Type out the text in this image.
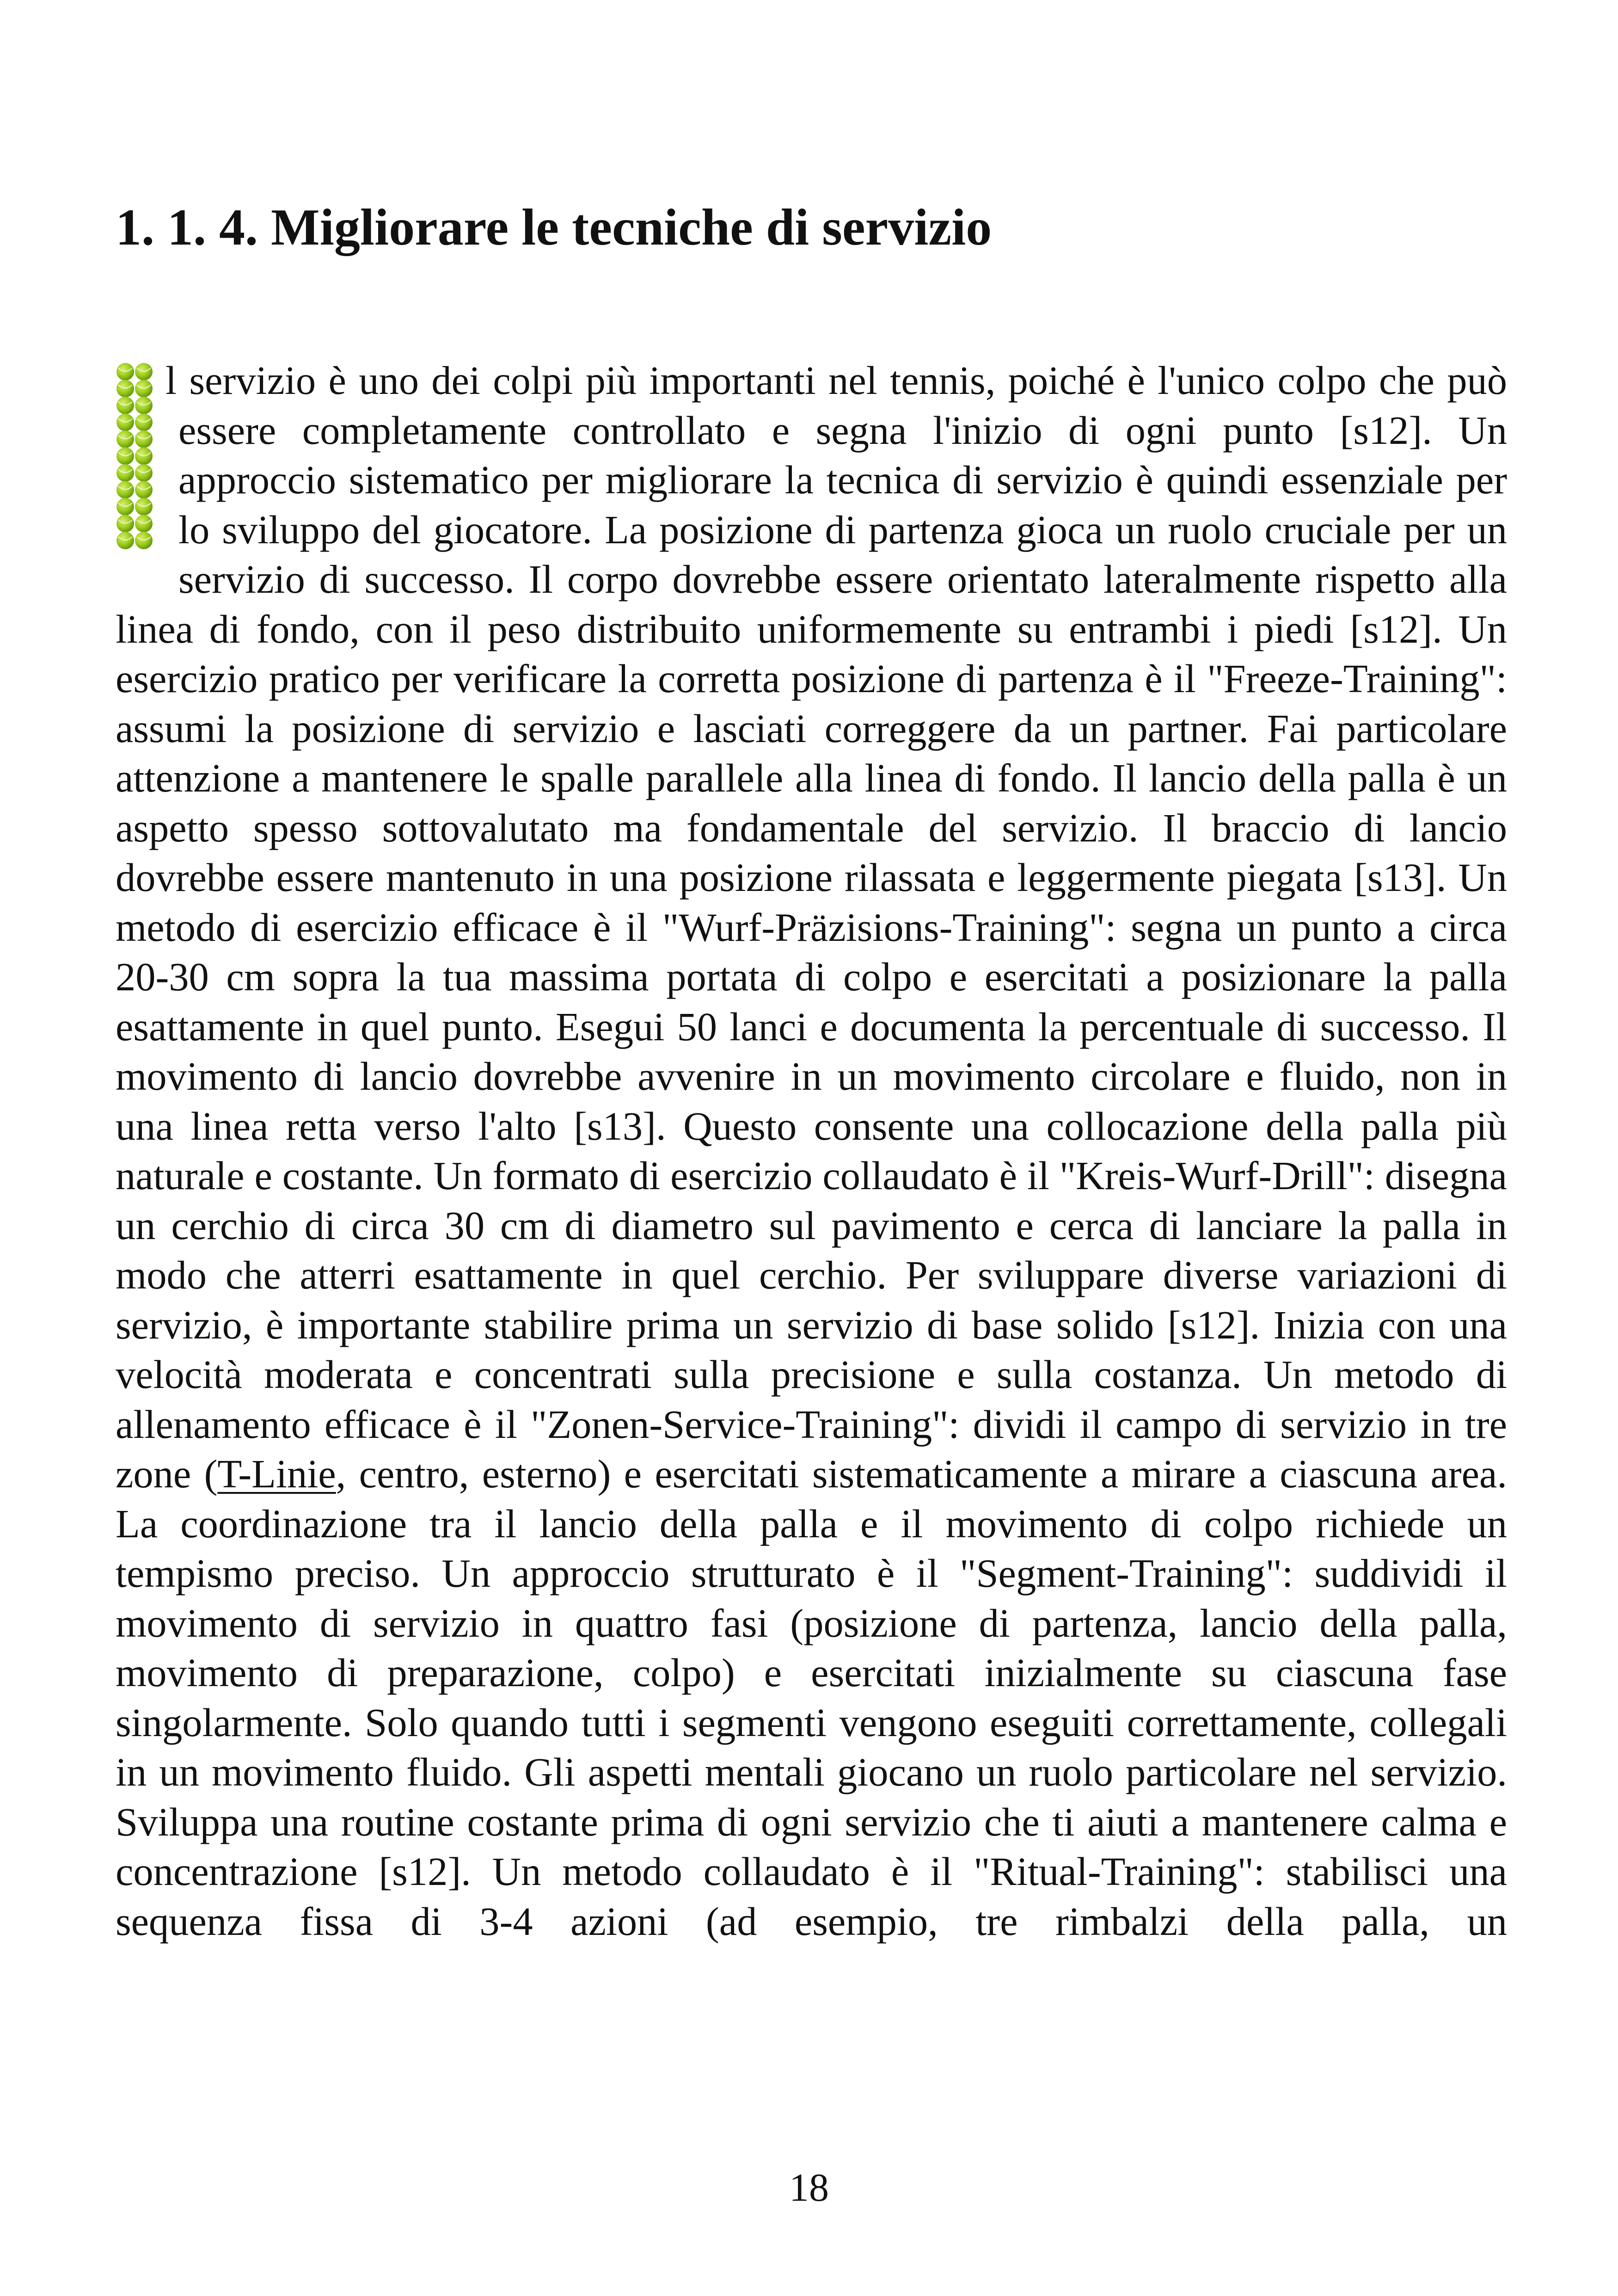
1. 1. 4. Migliorare le tecniche di servizio

l servizio è uno dei colpi più importanti nel tennis, poiché è l'unico colpo che può essere completamente controllato e segna l'inizio di ogni punto [s12]. Un approccio sistematico per migliorare la tecnica di servizio è quindi essenziale per lo sviluppo del giocatore. La posizione di partenza gioca un ruolo cruciale per un servizio di successo. Il corpo dovrebbe essere orientato lateralmente rispetto alla linea di fondo, con il peso distribuito uniformemente su entrambi i piedi [s12]. Un esercizio pratico per verificare la corretta posizione di partenza è il "Freeze-Training": assumi la posizione di servizio e lasciati correggere da un partner. Fai particolare attenzione a mantenere le spalle parallele alla linea di fondo. Il lancio della palla è un aspetto spesso sottovalutato ma fondamentale del servizio. Il braccio di lancio dovrebbe essere mantenuto in una posizione rilassata e leggermente piegata [s13]. Un metodo di esercizio efficace è il "Wurf-Präzisions-Training": segna un punto a circa 20-30 cm sopra la tua massima portata di colpo e esercitati a posizionare la palla esattamente in quel punto. Esegui 50 lanci e documenta la percentuale di successo. Il movimento di lancio dovrebbe avvenire in un movimento circolare e fluido, non in una linea retta verso l'alto [s13]. Questo consente una collocazione della palla più naturale e costante. Un formato di esercizio collaudato è il "Kreis-Wurf-Drill": disegna un cerchio di circa 30 cm di diametro sul pavimento e cerca di lanciare la palla in modo che atterri esattamente in quel cerchio. Per sviluppare diverse variazioni di servizio, è importante stabilire prima un servizio di base solido [s12]. Inizia con una velocità moderata e concentrati sulla precisione e sulla costanza. Un metodo di allenamento efficace è il "Zonen-Service-Training": dividi il campo di servizio in tre zone (T-Linie, centro, esterno) e esercitati sistematicamente a mirare a ciascuna area. La coordinazione tra il lancio della palla e il movimento di colpo richiede un tempismo preciso. Un approccio strutturato è il "Segment-Training": suddividi il movimento di servizio in quattro fasi (posizione di partenza, lancio della palla, movimento di preparazione, colpo) e esercitati inizialmente su ciascuna fase singolarmente. Solo quando tutti i segmenti vengono eseguiti correttamente, collegali in un movimento fluido. Gli aspetti mentali giocano un ruolo particolare nel servizio. Sviluppa una routine costante prima di ogni servizio che ti aiuti a mantenere calma e concentrazione [s12]. Un metodo collaudato è il "Ritual-Training": stabilisci una sequenza fissa di 3-4 azioni (ad esempio, tre rimbalzi della palla, un

18
